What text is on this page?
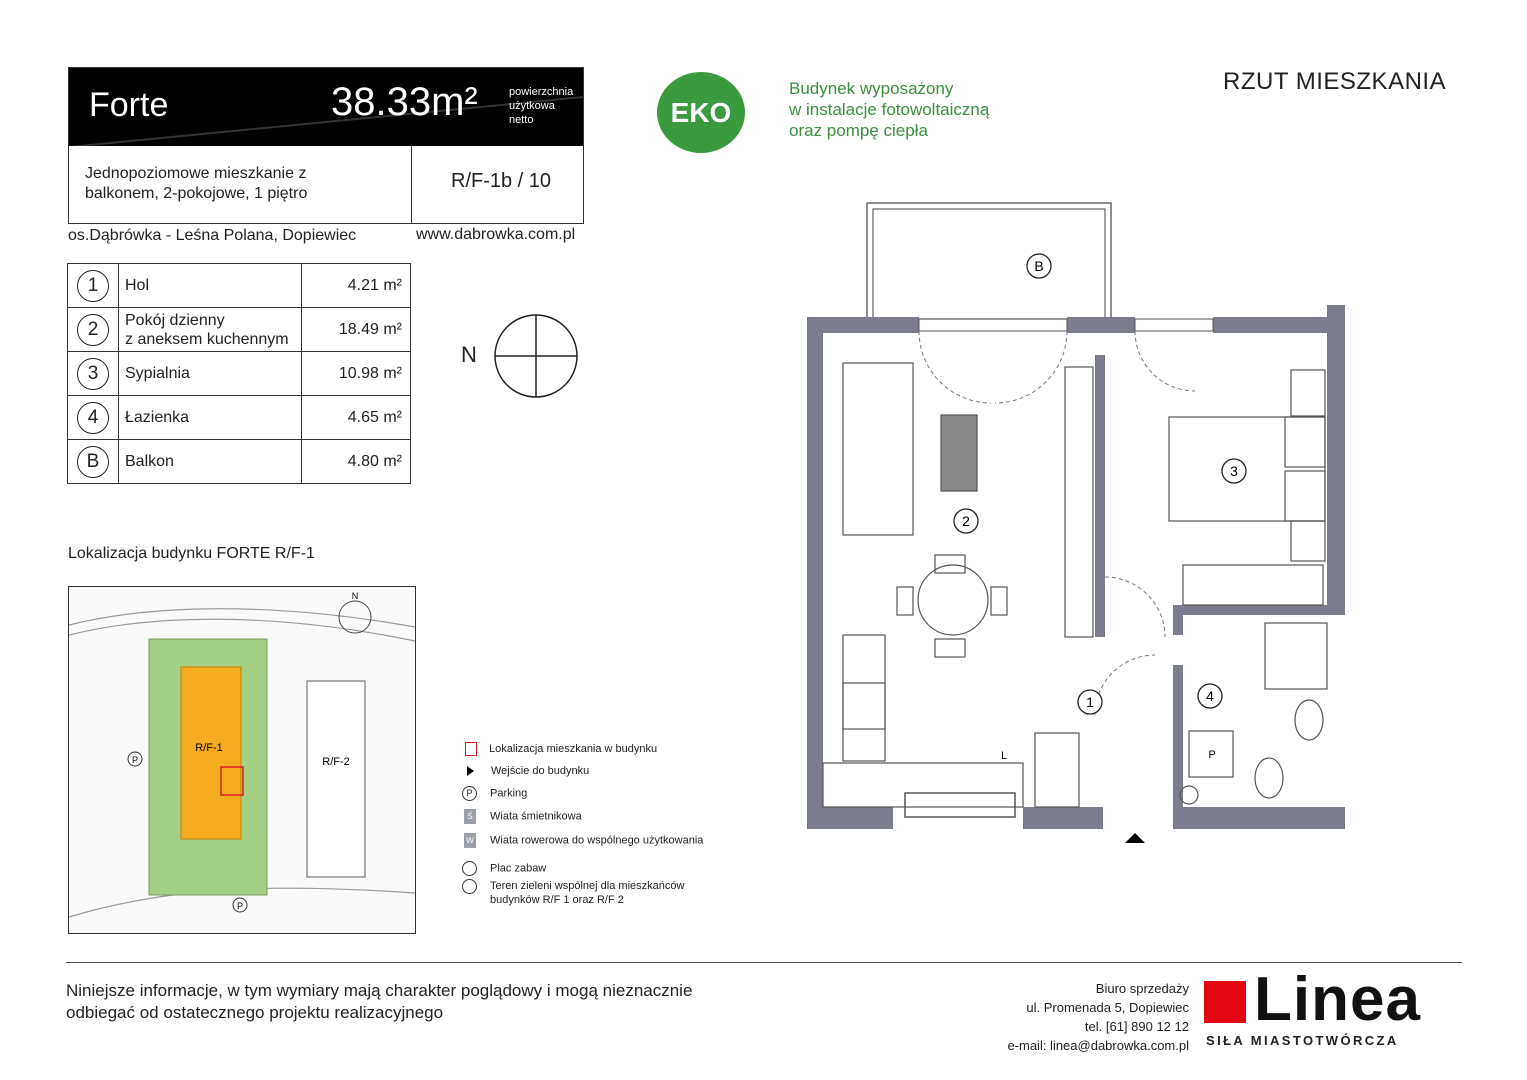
Forte	38.33m²	powierzchnia
użytkowa
netto
Jednopoziomowe mieszkanie z
balkonem, 2-pokojowe, 1 piętro
R/F-1b / 10
os.Dąbrówka - Leśna Polana, Dopiewiec	www.dabrowka.com.pl
1	Hol	4.21 m²
2	Pokój dzienny
z aneksem kuchennym	18.49 m²
3	Sypialnia	10.98 m²
4	Łazienka	4.65 m²
B	Balkon	4.80 m²
EKO
Budynek wyposażony
w instalacje fotowoltaiczną
oraz pompę ciepła
RZUT MIESZKANIA
N
B
2
3
1	4
L	P
Lokalizacja budynku FORTE R/F-1
R/F-1
R/F-2
N
P
P
Lokalizacja mieszkania w budynku
Wejście do budynku
P Parking
Ś Wiata śmietnikowa
W Wiata rowerowa do wspólnego użytkowania
Plac zabaw
Teren zieleni wspólnej dla mieszkańców
budynków R/F 1 oraz R/F 2
Niniejsze informacje, w tym wymiary mają charakter poglądowy i mogą nieznacznie
odbiegać od ostatecznego projektu realizacyjnego
Biuro sprzedaży
ul. Promenada 5, Dopiewiec
tel. [61] 890 12 12
e-mail: linea@dabrowka.com.pl
Linea
SIŁA MIASTOTWÓRCZA
